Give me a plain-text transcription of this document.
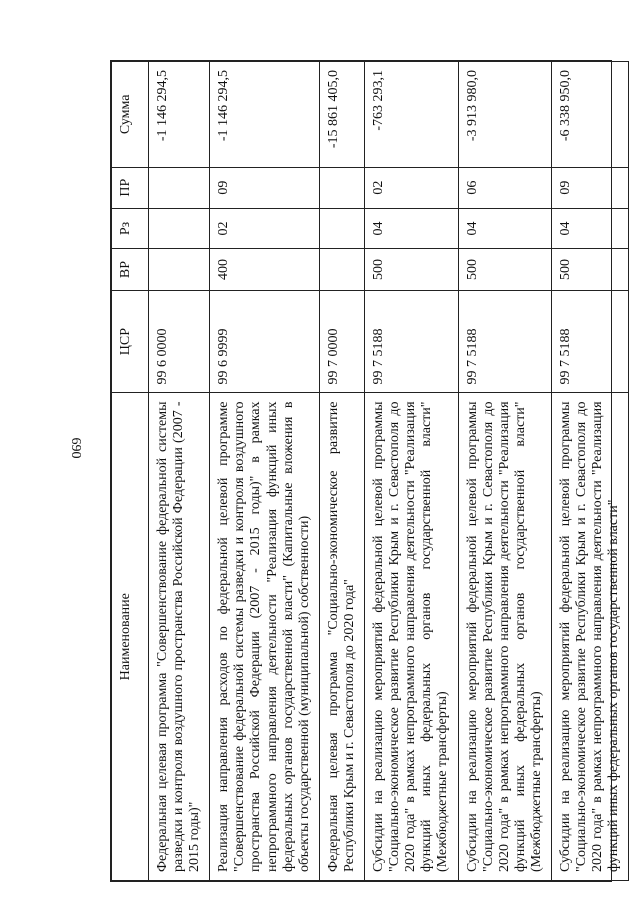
690
Наименование	ЦСР	ВР	Рз	ПР	Сумма
Федеральная целевая программа "Совершенствование федеральной системы разведки и контроля воздушного пространства Российской Федерации (2007 - 2015 годы)"	99 6 0000				-1 146 294,5
Реализация направления расходов по федеральной целевой программе "Совершенствование федеральной системы разведки и контроля воздушного пространства Российской Федерации (2007 - 2015 годы)" в рамках непрограммного направления деятельности "Реализация функций иных федеральных органов государственной власти" (Капитальные вложения в объекты государственной (муниципальной) собственности)	99 6 9999	400	02	09	-1 146 294,5
Федеральная целевая программа "Социально-экономическое развитие Республики Крым и г. Севастополя до 2020 года"	99 7 0000				-15 861 405,0
Субсидии на реализацию мероприятий федеральной целевой программы "Социально-экономическое развитие Республики Крым и г. Севастополя до 2020 года" в рамках непрограммного направления деятельности "Реализация функций иных федеральных органов государственной власти" (Межбюджетные трансферты)	99 7 5188	500	04	02	-763 293,1
Субсидии на реализацию мероприятий федеральной целевой программы "Социально-экономическое развитие Республики Крым и г. Севастополя до 2020 года" в рамках непрограммного направления деятельности "Реализация функций иных федеральных органов государственной власти" (Межбюджетные трансферты)	99 7 5188	500	04	06	-3 913 980,0
Субсидии на реализацию мероприятий федеральной целевой программы "Социально-экономическое развитие Республики Крым и г. Севастополя до 2020 года" в рамках непрограммного направления деятельности "Реализация функций иных федеральных органов государственной власти"	99 7 5188	500	04	09	-6 338 950,0
